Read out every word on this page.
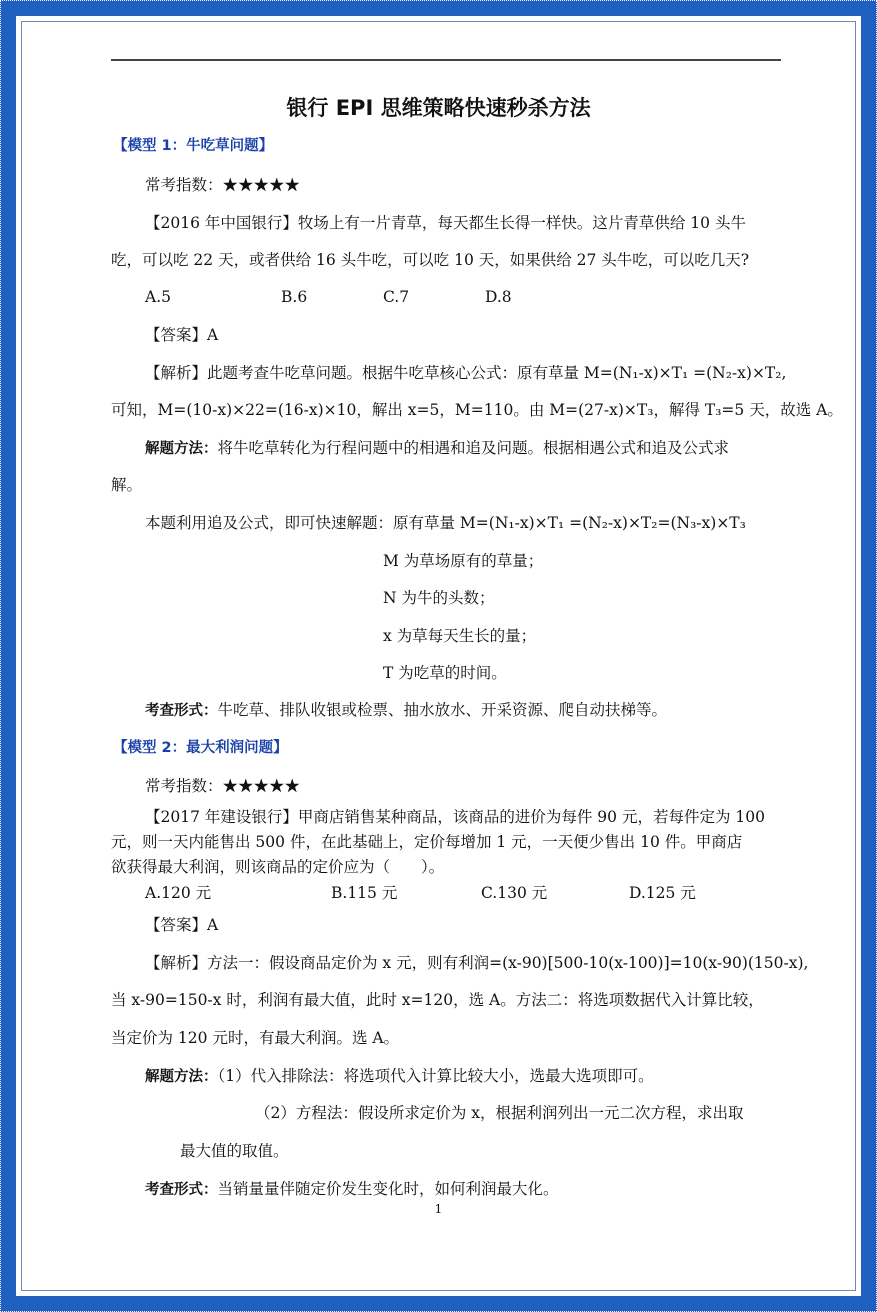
银行 EPI 思维策略快速秒杀方法
【模型 1：牛吃草问题】
常考指数：★★★★★
【2016 年中国银行】牧场上有一片青草，每天都生长得一样快。这片青草供给 10 头牛
吃，可以吃 22 天，或者供给 16 头牛吃，可以吃 10 天，如果供给 27 头牛吃，可以吃几天?
A.5	B.6	C.7	D.8
【答案】A
【解析】此题考查牛吃草问题。根据牛吃草核心公式：原有草量 M=(N₁-x)×T₁ =(N₂-x)×T₂,
可知，M=(10-x)×22=(16-x)×10，解出 x=5，M=110。由 M=(27-x)×T₃，解得 T₃=5 天，故选 A。
解题方法：将牛吃草转化为行程问题中的相遇和追及问题。根据相遇公式和追及公式求
解。
本题利用追及公式，即可快速解题：原有草量 M=(N₁-x)×T₁ =(N₂-x)×T₂=(N₃-x)×T₃
M 为草场原有的草量；
N 为牛的头数；
x 为草每天生长的量；
T 为吃草的时间。
考查形式：牛吃草、排队收银或检票、抽水放水、开采资源、爬自动扶梯等。
【模型 2：最大利润问题】
常考指数：★★★★★
【2017 年建设银行】甲商店销售某种商品，该商品的进价为每件 90 元，若每件定为 100
元，则一天内能售出 500 件，在此基础上，定价每增加 1 元，一天便少售出 10 件。甲商店
欲获得最大利润，则该商品的定价应为（　　）。
A.120 元	B.115 元	C.130 元	D.125 元
【答案】A
【解析】方法一：假设商品定价为 x 元，则有利润=(x-90)[500-10(x-100)]=10(x-90)(150-x),
当 x-90=150-x 时，利润有最大值，此时 x=120，选 A。方法二：将选项数据代入计算比较，
当定价为 120 元时，有最大利润。选 A。
解题方法：（1）代入排除法：将选项代入计算比较大小，选最大选项即可。
（2）方程法：假设所求定价为 x，根据利润列出一元二次方程，求出取
最大值的取值。
考查形式：当销量量伴随定价发生变化时，如何利润最大化。
1
